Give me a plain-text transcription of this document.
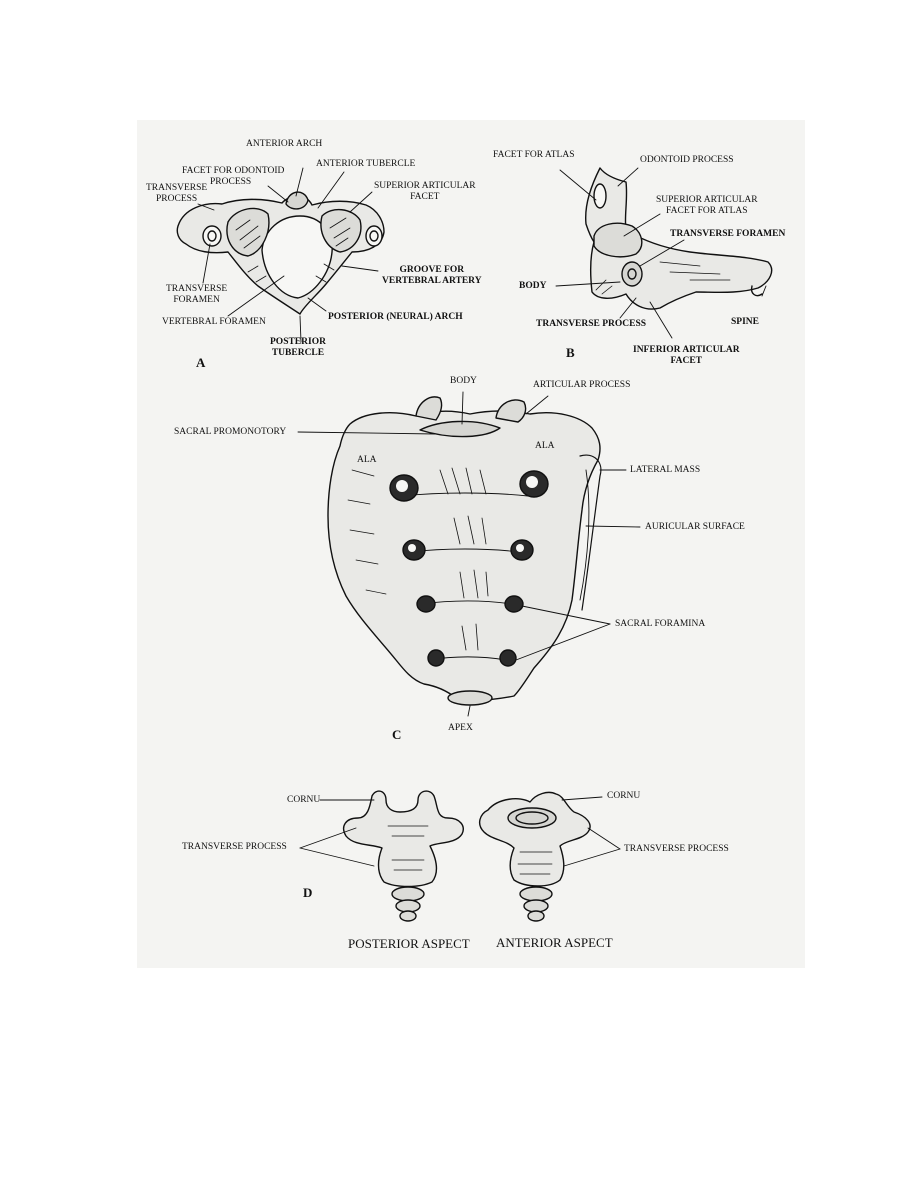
ANTERIOR ARCH
FACET FOR ODONTOID
PROCESS
ANTERIOR TUBERCLE
TRANSVERSE
PROCESS
SUPERIOR ARTICULAR
FACET
GROOVE FOR
VERTEBRAL ARTERY
TRANSVERSE
FORAMEN
VERTEBRAL FORAMEN	POSTERIOR (NEURAL) ARCH
POSTERIOR
TUBERCLE
A
FACET FOR ATLAS	ODONTOID PROCESS
SUPERIOR ARTICULAR
FACET FOR ATLAS
TRANSVERSE FORAMEN
BODY
TRANSVERSE PROCESS	SPINE
INFERIOR ARTICULAR
FACET
B
BODY	ARTICULAR PROCESS
SACRAL PROMONOTORY
ALA
ALA
LATERAL MASS
AURICULAR SURFACE
SACRAL FORAMINA
APEX
C
CORNU	CORNU
TRANSVERSE PROCESS	TRANSVERSE PROCESS
D
POSTERIOR ASPECT ANTERIOR ASPECT
